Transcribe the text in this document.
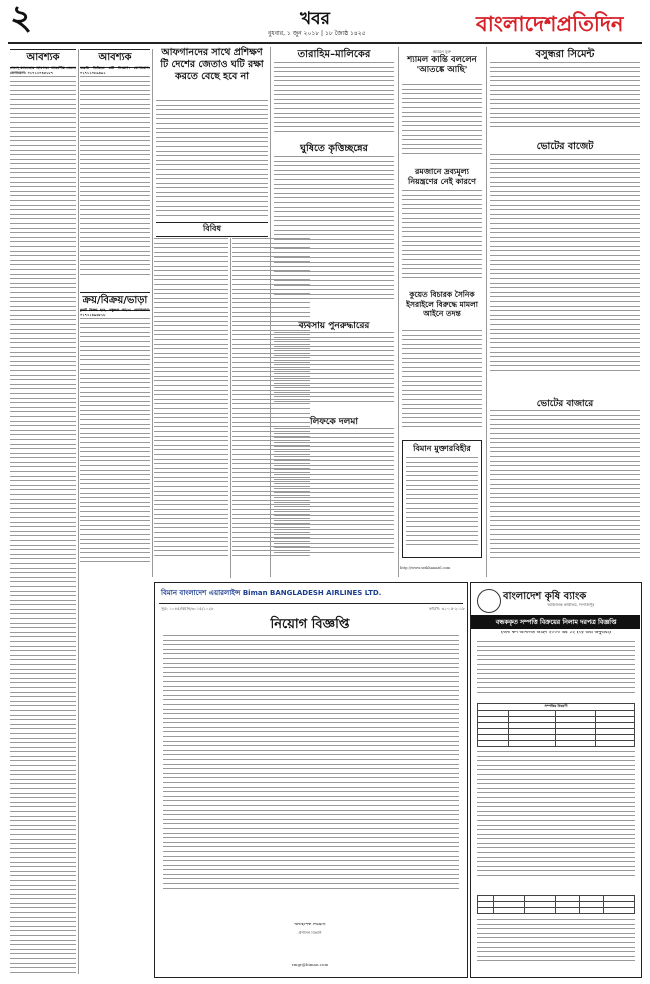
২	খবর
বুধবার, ১ জুন ২০১৮ | ১৮ জ্যৈষ্ঠ ১৪২৫	বাংলাদেশপ্রতিদিন
আবশ্যক	আবশ্যক
সেলস্ ম্যানেজার আবশ্যক। আকর্ষণীয় বেতন। যোগাযোগ: ০১৭১২০৪৫১৮৭
জরুরি ভিত্তিতে কর্মী নিয়োগ। যোগাযোগ: ০১৭১১০৮৯৪৯১
ক্রয়/বিক্রয়/ভাড়া
ফ্ল্যাট বিক্রয় হবে, বসুন্ধরা আ/এ। যোগাযোগ: ০১৭২১৪৯৬৮১৮
আফগানদের সাথে প্রশিক্ষণ টি দেশের জেতাও ঘটি রক্ষা করতে বেছে হবে না
বিবিধ
তারাহিম–মালিকের
ঘুষিতে কৃত্তিচ্ছন্নের
ব্যবসায় পুনরুদ্ধারের
লিফকে দলমা
http://www.seikhanazil.com
জমিনে যুক্ত
শ্যামল কান্তি বললেন 'আতঙ্কে আছি'
রমজানে দ্রব্যমূল্য নিয়ন্ত্রণের নেই কারণে
কুয়েত বিচারক সৈনিক ইসরাইলে বিরুদ্ধে মামলা আইনে তদন্ত
বিমান মুক্তারবিহীর
বসুন্ধরা সিমেন্ট
ভোটের বাজেট
ভোটের বাজারে
বিমান বাংলাদেশ এয়ারলাইন্স Biman BANGLADESH AIRLINES LTD.
সূত্র: ১০৪৫/বিমান/৩০১৫/১০২৮	তারিখ: ৩১-০৫-২০১৮
নিয়োগ বিজ্ঞপ্তি
ব্যবস্থাপক নিয়োগ
প্রশাসন বিভাগ
rmgr@biman.com
বাংলাদেশ কৃষি ব্যাংক
আঞ্চলিক কার্যালয়, দিনাজপুর
বন্ধককৃত সম্পত্তি বিক্রয়ের নিলাম দরপত্র বিজ্ঞপ্তি
(অর্থ ঋণ আদালত আইন ২০০৩ এর ১২ (৩) ধারা অনুযায়ী)
সম্পত্তির বিবরণী			
